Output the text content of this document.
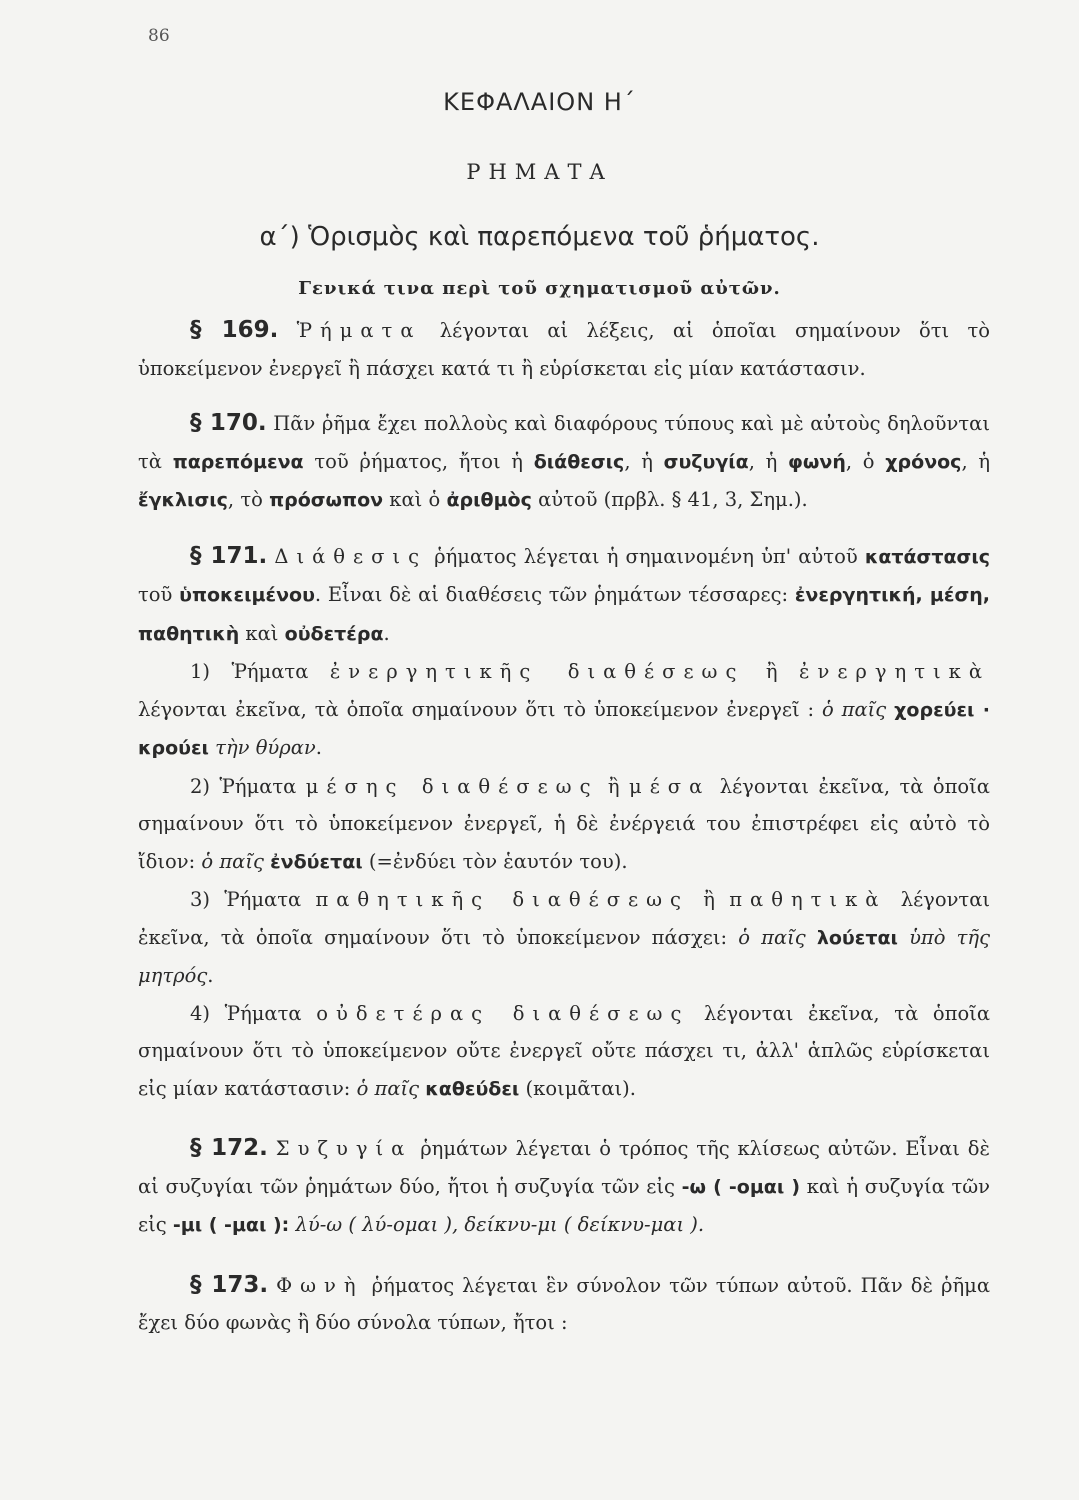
86
ΚΕΦΑΛΑΙΟΝ Η΄
ΡΗΜΑΤΑ
α΄) Ὁρισμὸς καὶ παρεπόμενα τοῦ ῥήματος.
Γενικά τινα περὶ τοῦ σχηματισμοῦ αὐτῶν.

§ 169. Ῥήματα λέγονται αἱ λέξεις, αἱ ὁποῖαι σημαίνουν ὅτι τὸ ὑποκείμενον ἐνεργεῖ ἢ πάσχει κατά τι ἢ εὑρίσκεται εἰς μίαν κατάστασιν.

§ 170. Πᾶν ῥῆμα ἔχει πολλοὺς καὶ διαφόρους τύπους καὶ μὲ αὐτοὺς δηλοῦνται τὰ παρεπόμενα τοῦ ῥήματος, ἤτοι ἡ διάθεσις, ἡ συζυγία, ἡ φωνή, ὁ χρόνος, ἡ ἔγκλισις, τὸ πρόσωπον καὶ ὁ ἀριθμὸς αὐτοῦ (πρβλ. § 41, 3, Σημ.).

§ 171. Διάθεσις ῥήματος λέγεται ἡ σημαινομένη ὑπ' αὐτοῦ κατάστασις τοῦ ὑποκειμένου. Εἶναι δὲ αἱ διαθέσεις τῶν ῥημάτων τέσσαρες: ἐνεργητική, μέση, παθητικὴ καὶ οὐδετέρα.

1) Ῥήματα ἐνεργητικῆς διαθέσεως ἢ ἐνεργητικὰ λέγονται ἐκεῖνα, τὰ ὁποῖα σημαίνουν ὅτι τὸ ὑποκείμενον ἐνεργεῖ : ὁ παῖς χορεύει · κρούει τὴν θύραν.

2) Ῥήματα μέσης διαθέσεως ἢ μέσα λέγονται ἐκεῖνα, τὰ ὁποῖα σημαίνουν ὅτι τὸ ὑποκείμενον ἐνεργεῖ, ἡ δὲ ἐνέργειά του ἐπιστρέφει εἰς αὐτὸ τὸ ἴδιον: ὁ παῖς ἐνδύεται (=ἐνδύει τὸν ἑαυτόν του).

3) Ῥήματα παθητικῆς διαθέσεως ἢ παθητικὰ λέγονται ἐκεῖνα, τὰ ὁποῖα σημαίνουν ὅτι τὸ ὑποκείμενον πάσχει: ὁ παῖς λούεται ὑπὸ τῆς μητρός.

4) Ῥήματα οὐδετέρας διαθέσεως λέγονται ἐκεῖνα, τὰ ὁποῖα σημαίνουν ὅτι τὸ ὑποκείμενον οὔτε ἐνεργεῖ οὔτε πάσχει τι, ἀλλ' ἁπλῶς εὑρίσκεται εἰς μίαν κατάστασιν: ὁ παῖς καθεύδει (κοιμᾶται).

§ 172. Συζυγία ῥημάτων λέγεται ὁ τρόπος τῆς κλίσεως αὐτῶν. Εἶναι δὲ αἱ συζυγίαι τῶν ῥημάτων δύο, ἤτοι ἡ συζυγία τῶν εἰς -ω ( -ομαι ) καὶ ἡ συζυγία τῶν εἰς -μι ( -μαι ): λύ-ω ( λύ-ομαι ), δείκνυ-μι ( δείκνυ-μαι ).

§ 173. Φωνὴ ῥήματος λέγεται ἓν σύνολον τῶν τύπων αὐτοῦ. Πᾶν δὲ ῥῆμα ἔχει δύο φωνὰς ἢ δύο σύνολα τύπων, ἤτοι :
